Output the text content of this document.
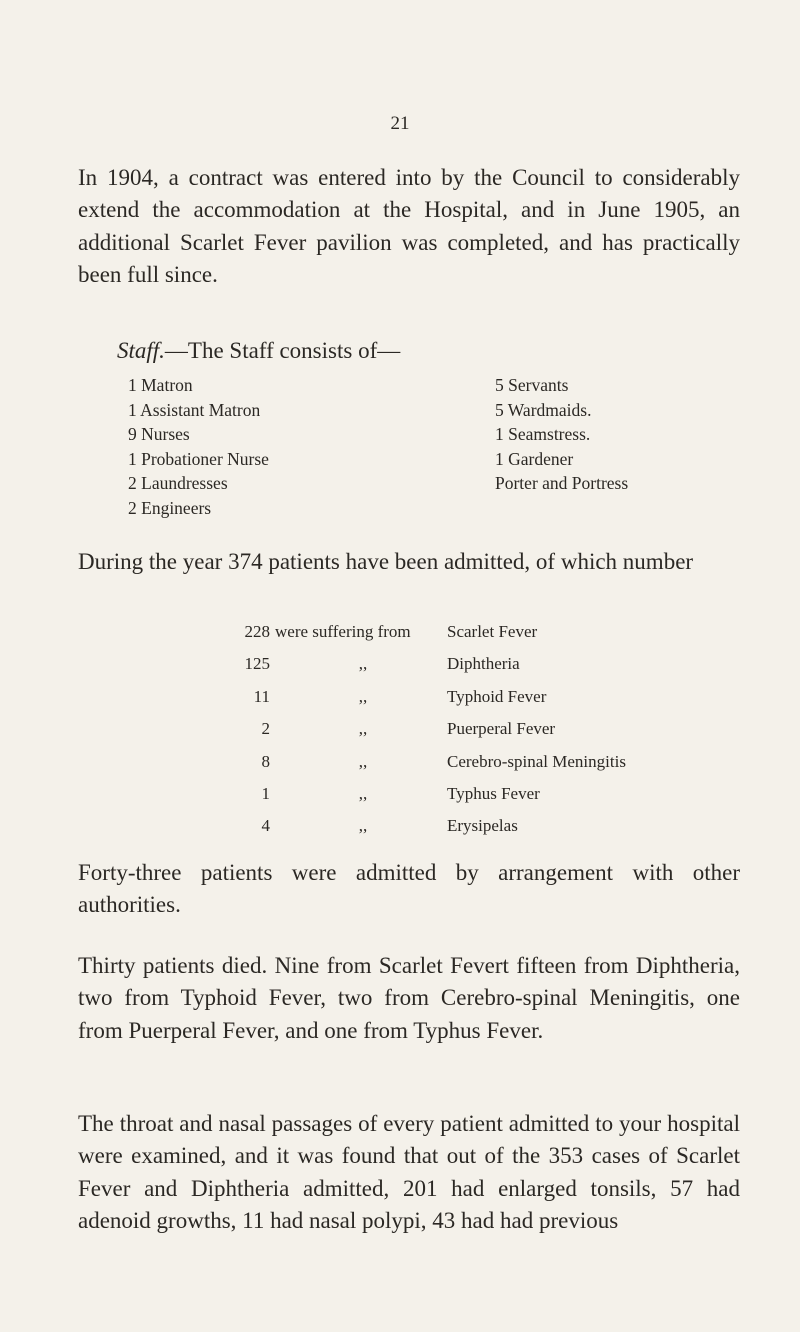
21

In 1904, a contract was entered into by the Council to considerably extend the accommodation at the Hospital, and in June 1905, an additional Scarlet Fever pavilion was completed, and has practically been full since.

Staff.—The Staff consists of—
1 Matron
1 Assistant Matron
9 Nurses
1 Probationer Nurse
2 Laundresses
2 Engineers
5 Servants
5 Wardmaids.
1 Seamstress.
1 Gardener
Porter and Portress

During the year 374 patients have been admitted, of which number

228 were suffering from Scarlet Fever
125	,,	Diphtheria
11	,,	Typhoid Fever
2	,,	Puerperal Fever
8	,,	Cerebro-spinal Meningitis
1	,,	Typhus Fever
4	,,	Erysipelas

Forty-three patients were admitted by arrangement with other authorities.

Thirty patients died. Nine from Scarlet Fevert fifteen from Diphtheria, two from Typhoid Fever, two from Cerebro-spinal Meningitis, one from Puerperal Fever, and one from Typhus Fever.

The throat and nasal passages of every patient admitted to your hospital were examined, and it was found that out of the 353 cases of Scarlet Fever and Diphtheria admitted, 201 had enlarged tonsils, 57 had adenoid growths, 11 had nasal polypi, 43 had had previous
